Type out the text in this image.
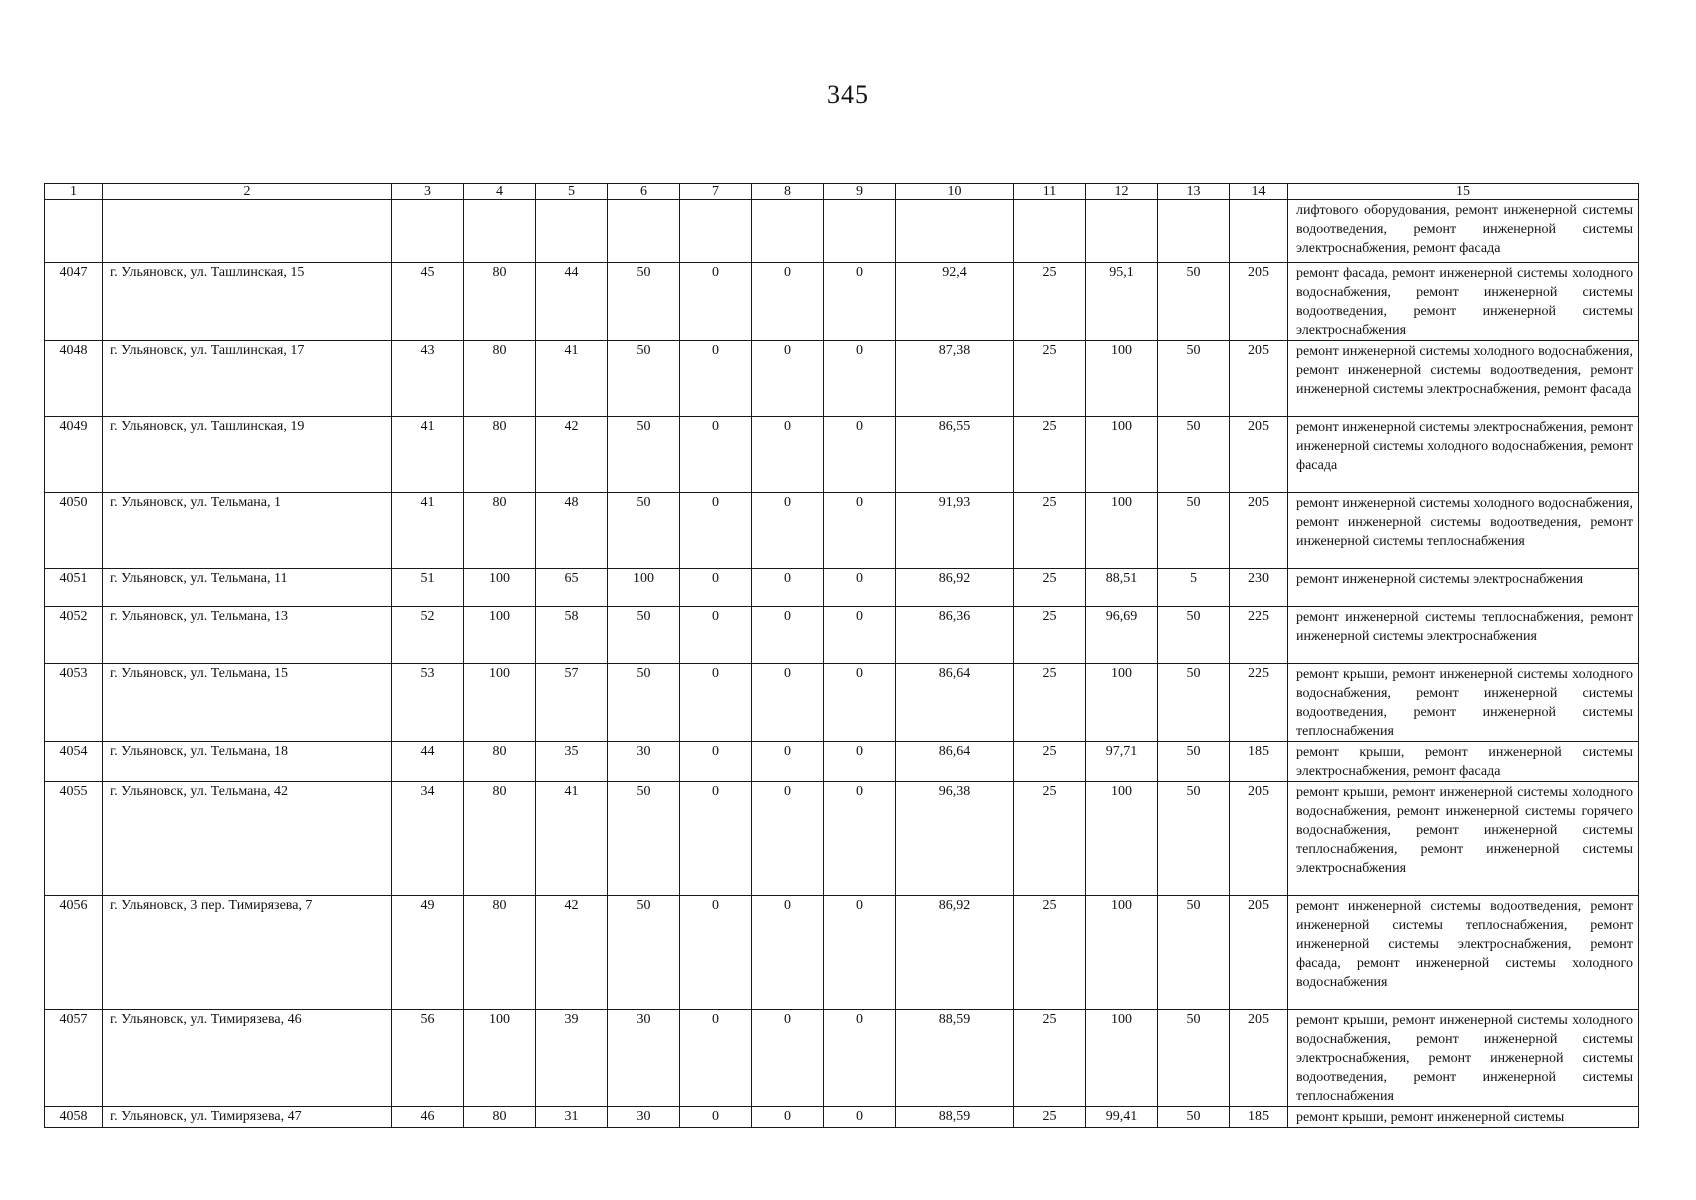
345
1	2	3	4	5	6	7	8	9	10	11	12	13	14	15
														лифтового оборудования, ремонт инженерной системы водоотведения, ремонт инженерной системы электроснабжения, ремонт фасада
4047	г. Ульяновск, ул. Ташлинская, 15	45	80	44	50	0	0	0	92,4	25	95,1	50	205	ремонт фасада, ремонт инженерной системы холодного водоснабжения, ремонт инженерной системы водоотведения, ремонт инженерной системы электроснабжения
4048	г. Ульяновск, ул. Ташлинская, 17	43	80	41	50	0	0	0	87,38	25	100	50	205	ремонт инженерной системы холодного водоснабжения, ремонт инженерной системы водоотведения, ремонт инженерной системы электроснабжения, ремонт фасада
4049	г. Ульяновск, ул. Ташлинская, 19	41	80	42	50	0	0	0	86,55	25	100	50	205	ремонт инженерной системы электроснабжения, ремонт инженерной системы холодного водоснабжения, ремонт фасада
4050	г. Ульяновск, ул. Тельмана, 1	41	80	48	50	0	0	0	91,93	25	100	50	205	ремонт инженерной системы холодного водоснабжения, ремонт инженерной системы водоотведения, ремонт инженерной системы теплоснабжения
4051	г. Ульяновск, ул. Тельмана, 11	51	100	65	100	0	0	0	86,92	25	88,51	5	230	ремонт инженерной системы электроснабжения
4052	г. Ульяновск, ул. Тельмана, 13	52	100	58	50	0	0	0	86,36	25	96,69	50	225	ремонт инженерной системы теплоснабжения, ремонт инженерной системы электроснабжения
4053	г. Ульяновск, ул. Тельмана, 15	53	100	57	50	0	0	0	86,64	25	100	50	225	ремонт крыши, ремонт инженерной системы холодного водоснабжения, ремонт инженерной системы водоотведения, ремонт инженерной системы теплоснабжения
4054	г. Ульяновск, ул. Тельмана, 18	44	80	35	30	0	0	0	86,64	25	97,71	50	185	ремонт крыши, ремонт инженерной системы электроснабжения, ремонт фасада
4055	г. Ульяновск, ул. Тельмана, 42	34	80	41	50	0	0	0	96,38	25	100	50	205	ремонт крыши, ремонт инженерной системы холодного водоснабжения, ремонт инженерной системы горячего водоснабжения, ремонт инженерной системы теплоснабжения, ремонт инженерной системы электроснабжения
4056	г. Ульяновск, 3 пер. Тимирязева, 7	49	80	42	50	0	0	0	86,92	25	100	50	205	ремонт инженерной системы водоотведения, ремонт инженерной системы теплоснабжения, ремонт инженерной системы электроснабжения, ремонт фасада, ремонт инженерной системы холодного водоснабжения
4057	г. Ульяновск, ул. Тимирязева, 46	56	100	39	30	0	0	0	88,59	25	100	50	205	ремонт крыши, ремонт инженерной системы холодного водоснабжения, ремонт инженерной системы электроснабжения, ремонт инженерной системы водоотведения, ремонт инженерной системы теплоснабжения
4058	г. Ульяновск, ул. Тимирязева, 47	46	80	31	30	0	0	0	88,59	25	99,41	50	185	ремонт крыши, ремонт инженерной системы
